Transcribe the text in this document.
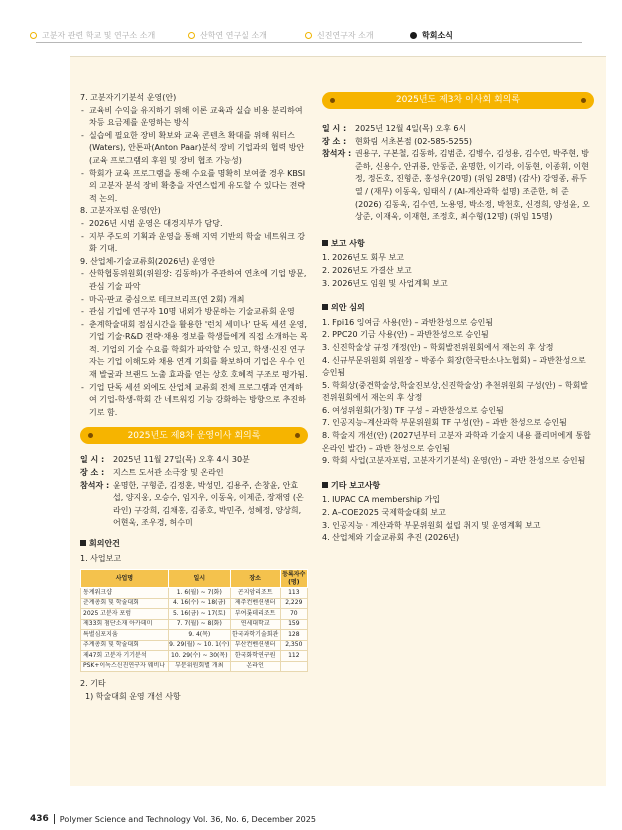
고분자 관련 학교 및 연구소 소개	산학연 연구실 소개	신진연구자 소개	학회소식
7. 고분자기기분석 운영(안)
- 교육비 수익을 유지하기 위해 이론 교육과 실습 비용 분리하여 차등 요금제를 운영하는 방식
- 실습에 필요한 장비 확보와 교육 콘텐츠 확대를 위해 워터스(Waters), 안톤파(Anton Paar)분석 장비 기업과의 협력 방안(교육 프로그램의 후원 및 장비 협조 가능성)
- 학회가 교육 프로그램을 통해 수요를 명확히 보여줄 경우 KBSI의 고분자 분석 장비 확충을 자연스럽게 유도할 수 있다는 전략적 논의.
8. 고분자포럼 운영(안)
- 2026년 시범 운영은 대경지부가 담당.
- 지부 주도의 기획과 운영을 통해 지역 기반의 학술 네트워크 강화 기대.
9. 산업체-기술교류회(2026년) 운영안
- 산학협동위원회(위원장: 김동하)가 주관하여 연초에 기업 방문, 관심 기술 파악
- 마곡·판교 중심으로 테크브리프(연 2회) 개최
- 관심 기업에 연구자 10명 내외가 방문하는 기술교류회 운영
- 춘계학술대회 점심시간을 활용한 '런치 세미나' 단독 세션 운영, 기업 기술·R&D 전략·채용 정보를 학생들에게 직접 소개하는 목적. 기업의 기술 수요를 학회가 파악할 수 있고, 학생·신진 연구자는 기업 이해도와 채용 연계 기회를 확보하며 기업은 우수 인재 발굴과 브랜드 노출 효과를 얻는 상호 호혜적 구조로 평가됨.
- 기업 단독 세션 외에도 산업체 교류회 전체 프로그램과 연계하여 기업-학생-학회 간 네트워킹 기능 강화하는 방향으로 추진하기로 함.
2025년도 제8차 운영이사 회의록
일 시 :	2025년 11월 27일(목) 오후 4시 30분
장 소 :	지스트 도서관 소극장 및 온라인
참석자 : 윤명한, 구형준, 김정훈, 박성민, 김용주, 손창윤, 안효섭, 양지웅, 오승수, 임지우, 이동욱, 이제준, 장재영 (온라인) 구강희, 김채홍, 김종호, 박민주, 성혜정, 양상희, 어현욱, 조우경, 허수미
회의안건
1. 사업보고
사업명	일시	장소	등록자수(명)
동계워크샵	1. 6(월) ~ 7(화)	곤지암리조트	113
춘계총회 및 학술대회	4. 16(수) ~ 18(금)	제주컨벤션센터	2,229
2025 고분자 포럼	5. 16(금) ~ 17(토)	부여롯데리조트	70
제33회 첨단소재 아카데미	7. 7(월) ~ 8(화)	연세대학교	159
특별심포지움	9. 4(목)	한국과학기술회관	128
추계총회 및 학술대회	9. 29(월) ~ 10. 1(수)	부산컨벤션센터	2,350
제47회 고분자 기기분석	10. 29(수) ~ 30(목)	한국화학연구원	112
PSK+이녹스신진연구자 웨비나	부문위원회별 개최	온라인	
2. 기타
1) 학술대회 운영 개선 사항
2025년도 제3차 이사회 회의록
일 시 :	2025년 12월 4일(목) 오후 6시
장 소 :	현화림 서초본점 (02-585-5255)
참석자 : 권용구, 구본철, 김동하, 김범준, 김병수, 김성용, 김수연, 박주현, 방준하, 신용수, 안귀룡, 안동준, 윤명한, 이기라, 이동현, 이종휘, 이현정, 정돈호, 진형준, 홍성우(20명) (위임 28명) (감사) 강영종, 류두열 / (재무) 이동욱, 임태식 / (AI-계산과학 설명) 조준한, 허 준 (2026) 김동욱, 김수연, 노용영, 박소정, 박천호, 신경희, 양성윤, 오상준, 이재욱, 이재현, 조정호, 최수형(12명) (위임 15명)
보고 사항
1. 2026년도 회무 보고
2. 2026년도 가결산 보고
3. 2026년도 임원 및 사업계획 보고
의안 심의
1. Fpi16 잉여금 사용(안) – 과반찬성으로 승인됨
2. PPC20 기금 사용(안) – 과반찬성으로 승인됨
3. 신진학술상 규정 개정(안) – 학회발전위원회에서 재논의 후 상정
4. 신규부문위원회 위원장 – 박종수 회장(한국탄소나노협회) – 과반찬성으로 승인됨
5. 학회상(중견학술상,학술진보상,신진학술상) 추천위원회 구성(안) – 학회발전위원회에서 재논의 후 상정
6. 여성위원회(가칭) TF 구성 – 과반찬성으로 승인됨
7. 인공지능–계산과학 부문위원회 TF 구성(안) – 과반 찬성으로 승인됨
8. 학술지 개선(안) (2027년부터 고분자 과학과 기술지 내용 플리머에게 통합 온라인 발간) – 과반 찬성으로 승인됨
9. 학회 사업(고분자포럼, 고분자기기분석) 운영(안) – 과반 찬성으로 승인됨
기타 보고사항
1. IUPAC CA membership 가입
2. A–COE2025 국제학술대회 보고
3. 인공지능 · 계산과학 부문위원회 설립 취지 및 운영계획 보고
4. 산업체와 기술교류회 추진 (2026년)
436 Polymer Science and Technology Vol. 36, No. 6, December 2025
